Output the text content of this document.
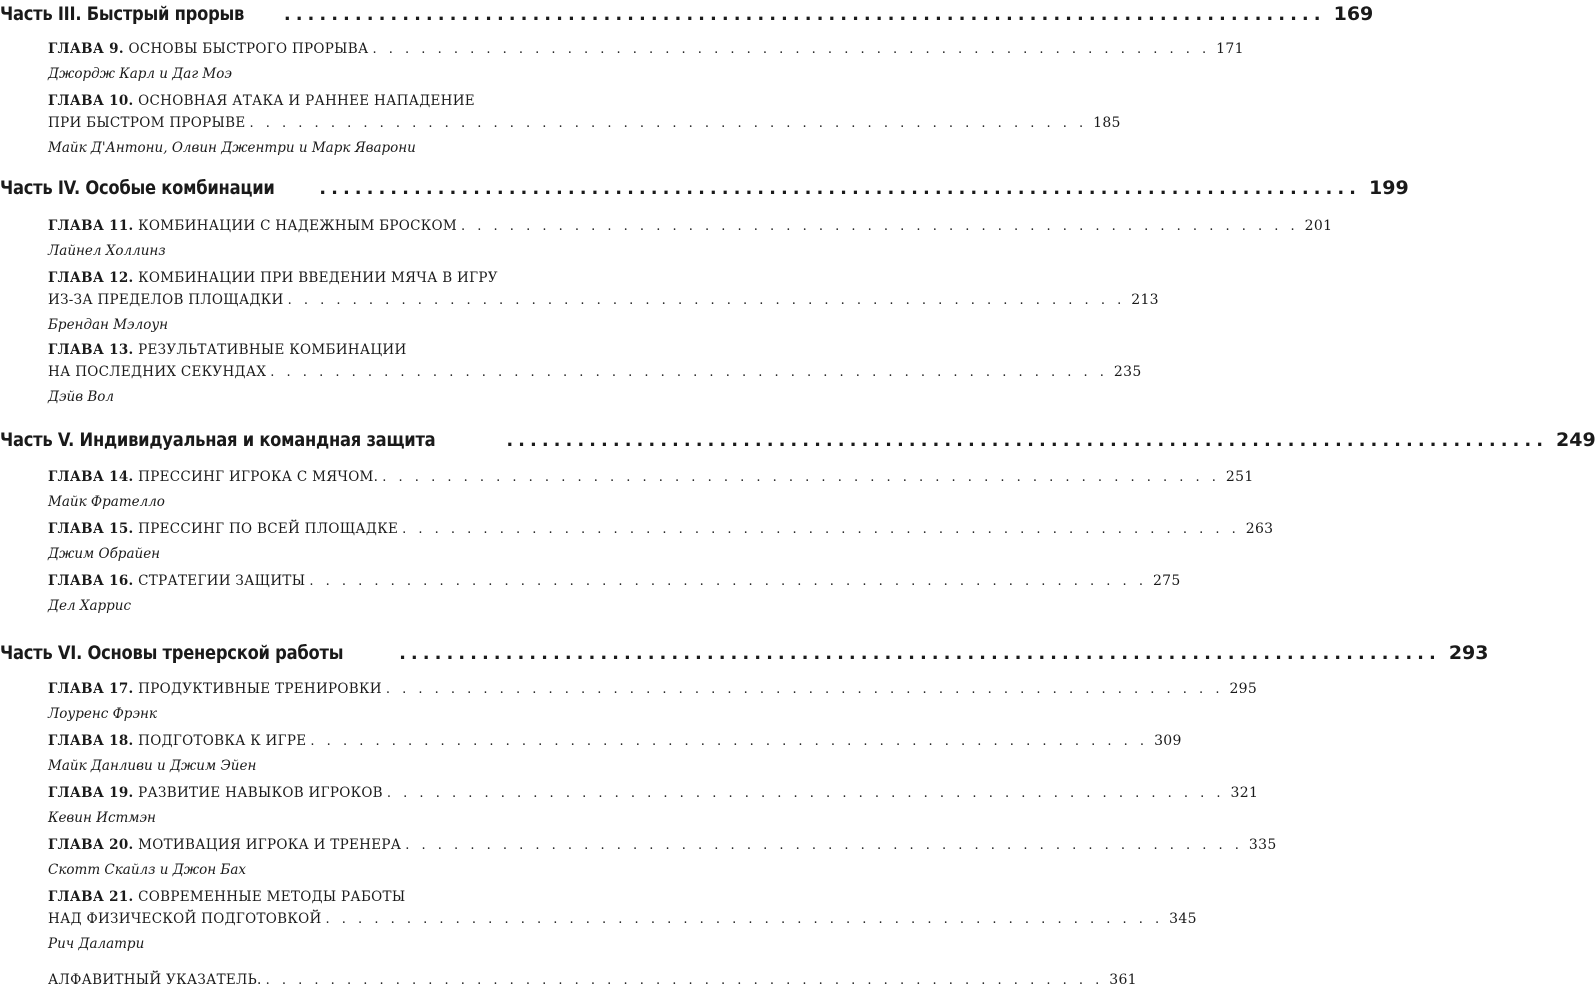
Часть III. Быстрый прорыв ........................................................................................ 169
ГЛАВА 9. ОСНОВЫ БЫСТРОГО ПРОРЫВА . . . . . . . . . . . . . . . . . . . . . . . . . . . . . . . . . . . . . . . . . . . . . . . . . . . . 171
Джордж Карл и Даг Моэ
ГЛАВА 10. ОСНОВНАЯ АТАКА И РАННЕЕ НАПАДЕНИЕ
ПРИ БЫСТРОМ ПРОРЫВЕ . . . . . . . . . . . . . . . . . . . . . . . . . . . . . . . . . . . . . . . . . . . . . . . . . . . . 185
Майк Д'Антони, Олвин Джентри и Марк Яварони
Часть IV. Особые комбинации ........................................................................................ 199
ГЛАВА 11. КОМБИНАЦИИ С НАДЕЖНЫМ БРОСКОМ . . . . . . . . . . . . . . . . . . . . . . . . . . . . . . . . . . . . . . . . . . . . . . . . . . . . 201
Лайнел Холлинз
ГЛАВА 12. КОМБИНАЦИИ ПРИ ВВЕДЕНИИ МЯЧА В ИГРУ
ИЗ-ЗА ПРЕДЕЛОВ ПЛОЩАДКИ . . . . . . . . . . . . . . . . . . . . . . . . . . . . . . . . . . . . . . . . . . . . . . . . . . . . 213
Брендан Мэлоун
ГЛАВА 13. РЕЗУЛЬТАТИВНЫЕ КОМБИНАЦИИ
НА ПОСЛЕДНИХ СЕКУНДАХ . . . . . . . . . . . . . . . . . . . . . . . . . . . . . . . . . . . . . . . . . . . . . . . . . . . . 235
Дэйв Вол
Часть V. Индивидуальная и командная защита	........................................................................................ 249
ГЛАВА 14. ПРЕССИНГ ИГРОКА С МЯЧОМ. . . . . . . . . . . . . . . . . . . . . . . . . . . . . . . . . . . . . . . . . . . . . . . . . . . . . 251
Майк Фрателло
ГЛАВА 15. ПРЕССИНГ ПО ВСЕЙ ПЛОЩАДКЕ . . . . . . . . . . . . . . . . . . . . . . . . . . . . . . . . . . . . . . . . . . . . . . . . . . . . 263
Джим Обрайен
ГЛАВА 16. СТРАТЕГИИ ЗАЩИТЫ . . . . . . . . . . . . . . . . . . . . . . . . . . . . . . . . . . . . . . . . . . . . . . . . . . . . 275
Дел Харрис
Часть VI. Основы тренерской работы	........................................................................................ 293
ГЛАВА 17. ПРОДУКТИВНЫЕ ТРЕНИРОВКИ . . . . . . . . . . . . . . . . . . . . . . . . . . . . . . . . . . . . . . . . . . . . . . . . . . . . 295
Лоуренс Фрэнк
ГЛАВА 18. ПОДГОТОВКА К ИГРЕ . . . . . . . . . . . . . . . . . . . . . . . . . . . . . . . . . . . . . . . . . . . . . . . . . . . . 309
Майк Данливи и Джим Эйен
ГЛАВА 19. РАЗВИТИЕ НАВЫКОВ ИГРОКОВ . . . . . . . . . . . . . . . . . . . . . . . . . . . . . . . . . . . . . . . . . . . . . . . . . . . . 321
Кевин Истмэн
ГЛАВА 20. МОТИВАЦИЯ ИГРОКА И ТРЕНЕРА . . . . . . . . . . . . . . . . . . . . . . . . . . . . . . . . . . . . . . . . . . . . . . . . . . . . 335
Скотт Скайлз и Джон Бах
ГЛАВА 21. СОВРЕМЕННЫЕ МЕТОДЫ РАБОТЫ
НАД ФИЗИЧЕСКОЙ ПОДГОТОВКОЙ . . . . . . . . . . . . . . . . . . . . . . . . . . . . . . . . . . . . . . . . . . . . . . . . . . . . 345
Рич Далатри
АЛФАВИТНЫЙ УКАЗАТЕЛЬ. . . . . . . . . . . . . . . . . . . . . . . . . . . . . . . . . . . . . . . . . . . . . . . . . . . . . 361
